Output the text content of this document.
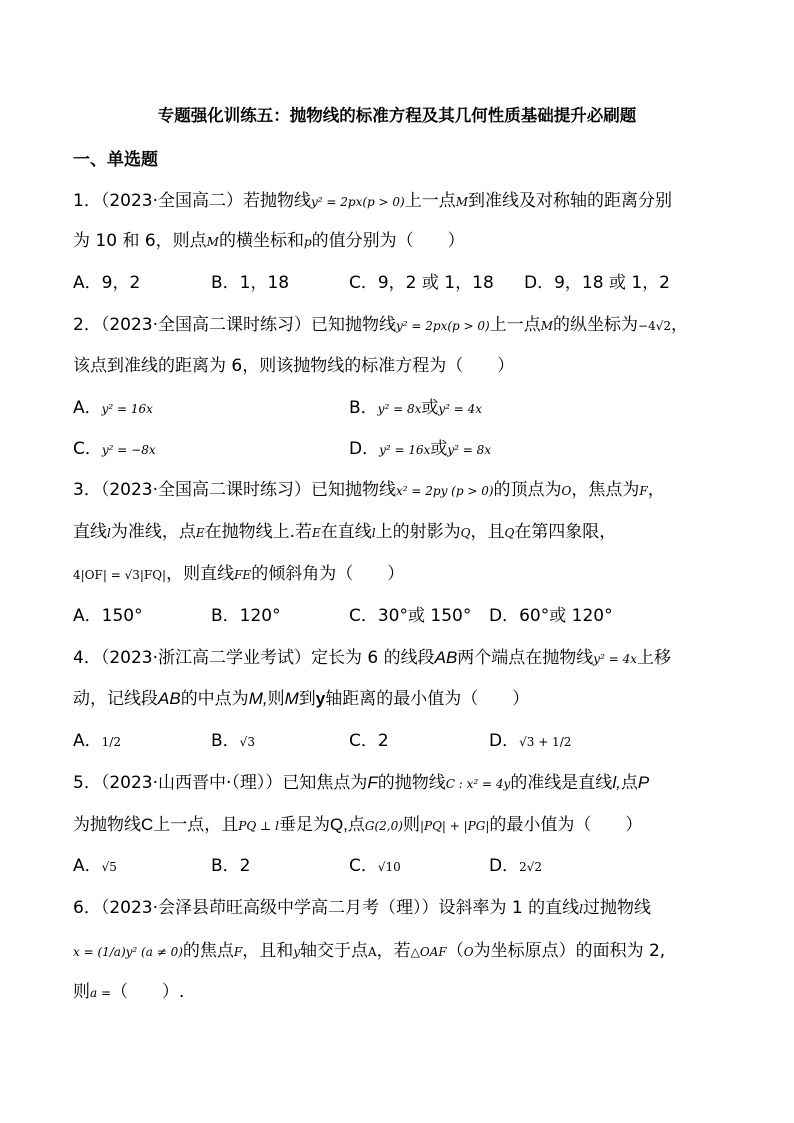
专题强化训练五：抛物线的标准方程及其几何性质基础提升必刷题
一、单选题
1．（2023·全国高二）若抛物线y² = 2px(p > 0)上一点M到准线及对称轴的距离分别
为 10 和 6，则点M的横坐标和p的值分别为（　　）
A．9，2	B．1，18	C．9，2 或 1，18 D．9，18 或 1，2
2．（2023·全国高二课时练习）已知抛物线y² = 2px(p > 0)上一点M的纵坐标为−4√2，
该点到准线的距离为 6，则该抛物线的标准方程为（　　）
A．y² = 16x	B．y² = 8x或y² = 4x
C．y² = −8x	D．y² = 16x或y² = 8x
3．（2023·全国高二课时练习）已知抛物线x² = 2py (p > 0)的顶点为O，焦点为F，
直线l为准线，点E在抛物线上.若E在直线l上的射影为Q，且Q在第四象限，
4|OF| = √3|FQ|，则直线FE的倾斜角为（　　）
A．150°	B．120°	C．30°或 150° D．60°或 120°
4．（2023·浙江高二学业考试）定长为 6 的线段AB两个端点在抛物线y² = 4x上移
动，记线段AB的中点为M,则M到y轴距离的最小值为（　　）
A．1/2	B．√3	C．2	D．√3 + 1/2
5．（2023·山西晋中·（理））已知焦点为F的抛物线C : x² = 4y的准线是直线l,点P
为抛物线C上一点，且PQ ⊥ l垂足为Q,点G(2,0)则|PQ| + |PG|的最小值为（　　）
A．√5	B．2	C．√10	D．2√2
6．（2023·会泽县茚旺高级中学高二月考（理））设斜率为 1 的直线l过抛物线
x = (1/a)y² (a ≠ 0)的焦点F，且和y轴交于点A，若△OAF（O为坐标原点）的面积为 2,
则a =（　　）.
